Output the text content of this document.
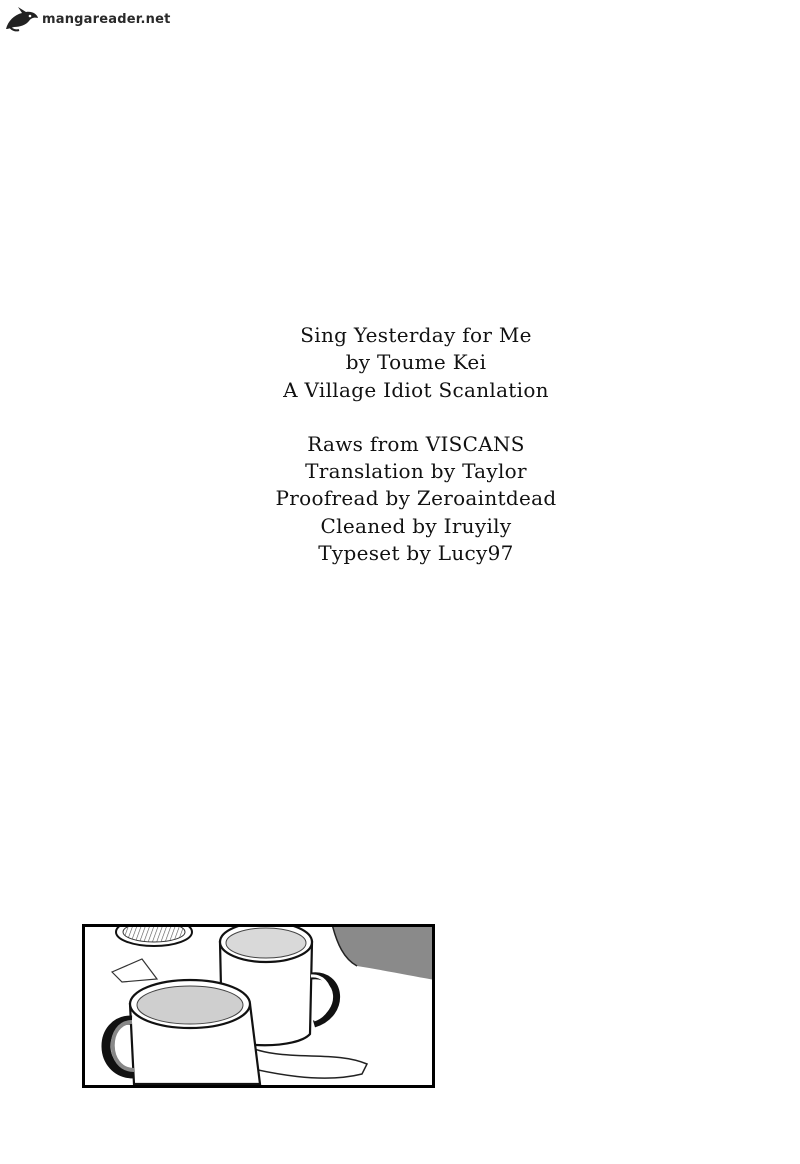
mangareader.net
Sing Yesterday for Me
by Toume Kei
A Village Idiot Scanlation
Raws from VISCANS
Translation by Taylor
Proofread by Zeroaintdead
Cleaned by Iruyily
Typeset by Lucy97
